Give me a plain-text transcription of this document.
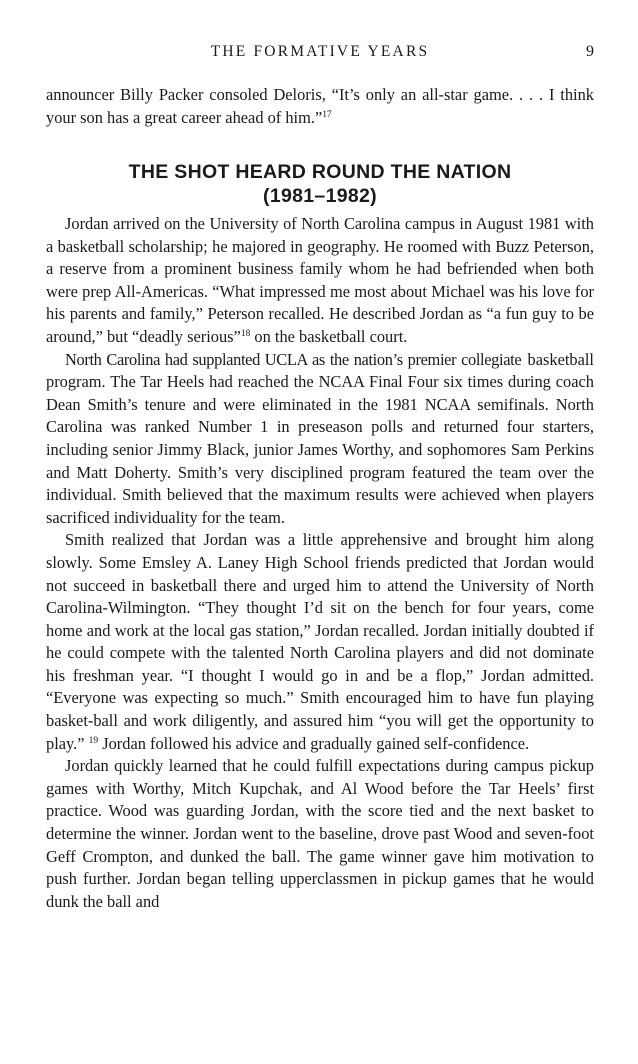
THE FORMATIVE YEARS	9
announcer Billy Packer consoled Deloris, “It’s only an all-star game. . . . I think your son has a great career ahead of him.”$^{17}$
THE SHOT HEARD ROUND THE NATION
(1981–1982)

Jordan arrived on the University of North Carolina campus in August 1981 with a basketball scholarship; he majored in geography. He roomed with Buzz Peterson, a reserve from a prominent business family whom he had befriended when both were prep All-Americas. “What impressed me most about Michael was his love for his parents and family,” Peterson recalled. He described Jordan as “a fun guy to be around,” but “deadly serious”$^{18}$ on the basketball court.

North Carolina had supplanted UCLA as the nation’s premier collegiate basketball program. The Tar Heels had reached the NCAA Final Four six times during coach Dean Smith’s tenure and were eliminated in the 1981 NCAA semifinals. North Carolina was ranked Number 1 in preseason polls and returned four starters, including senior Jimmy Black, junior James Worthy, and sophomores Sam Perkins and Matt Doherty. Smith’s very disciplined program featured the team over the individual. Smith believed that the maximum results were achieved when players sacrificed individuality for the team.

Smith realized that Jordan was a little apprehensive and brought him along slowly. Some Emsley A. Laney High School friends predicted that Jordan would not succeed in basketball there and urged him to attend the University of North Carolina-Wilmington. “They thought I’d sit on the bench for four years, come home and work at the local gas station,” Jordan recalled. Jordan initially doubted if he could compete with the talented North Carolina players and did not dominate his freshman year. “I thought I would go in and be a flop,” Jordan admitted. “Everyone was expecting so much.” Smith encouraged him to have fun playing basket-ball and work diligently, and assured him “you will get the opportunity to play.” $^{19}$ Jordan followed his advice and gradually gained self-confidence.

Jordan quickly learned that he could fulfill expectations during campus pickup games with Worthy, Mitch Kupchak, and Al Wood before the Tar Heels’ first practice. Wood was guarding Jordan, with the score tied and the next basket to determine the winner. Jordan went to the baseline, drove past Wood and seven-foot Geff Crompton, and dunked the ball. The game winner gave him motivation to push further. Jordan began telling upperclassmen in pickup games that he would dunk the ball and
